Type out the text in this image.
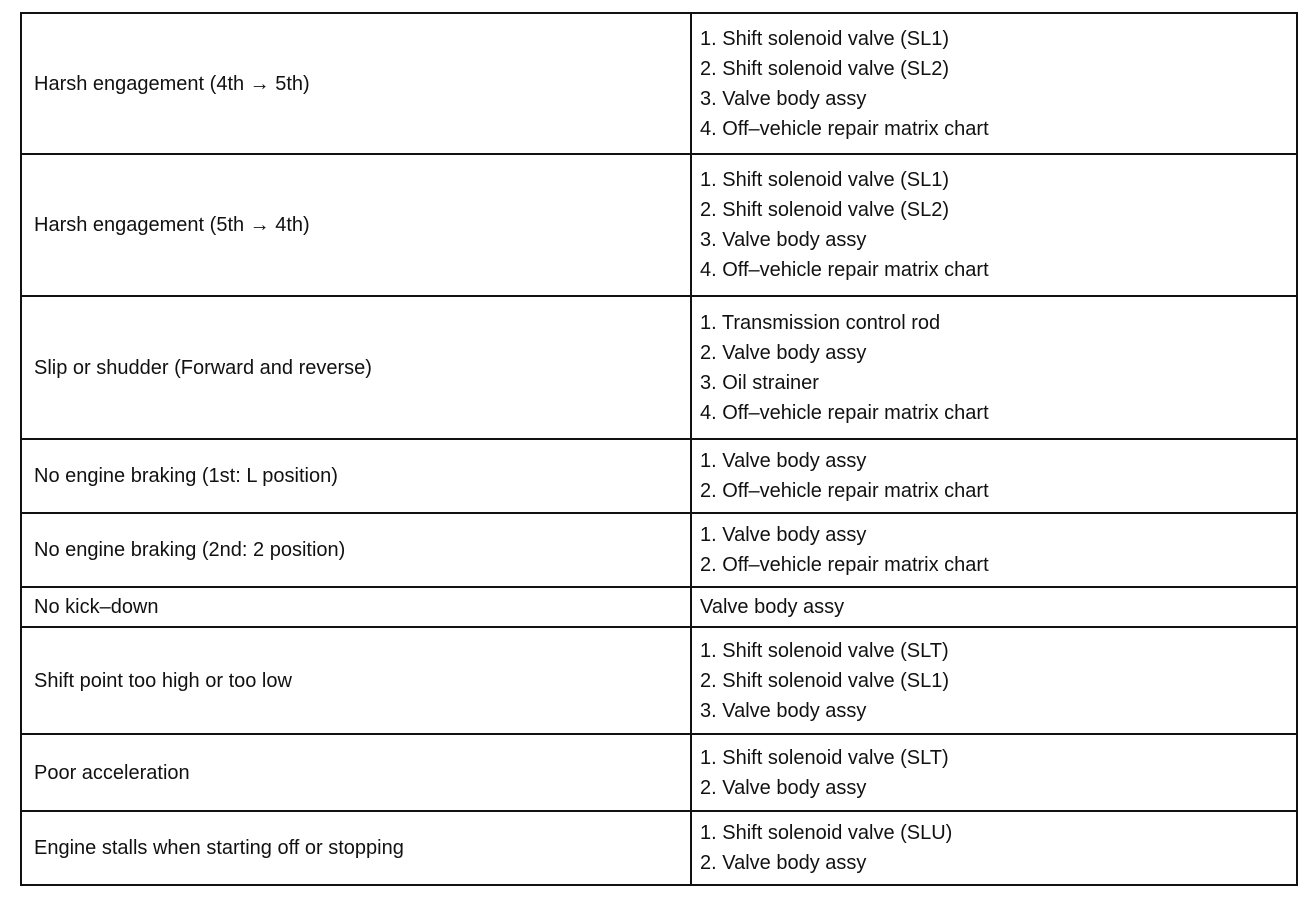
Harsh engagement (4th → 5th)	1. Shift solenoid valve (SL1)
2. Shift solenoid valve (SL2)
3. Valve body assy
4. Off–vehicle repair matrix chart

Harsh engagement (5th → 4th)	1. Shift solenoid valve (SL1)
2. Shift solenoid valve (SL2)
3. Valve body assy
4. Off–vehicle repair matrix chart

Slip or shudder (Forward and reverse)	1. Transmission control rod
2. Valve body assy
3. Oil strainer
4. Off–vehicle repair matrix chart

No engine braking (1st: L position)	1. Valve body assy
2. Off–vehicle repair matrix chart

No engine braking (2nd: 2 position)	1. Valve body assy
2. Off–vehicle repair matrix chart

No kick–down	Valve body assy

Shift point too high or too low	1. Shift solenoid valve (SLT)
2. Shift solenoid valve (SL1)
3. Valve body assy

Poor acceleration	1. Shift solenoid valve (SLT)
2. Valve body assy

Engine stalls when starting off or stopping	1. Shift solenoid valve (SLU)
2. Valve body assy
